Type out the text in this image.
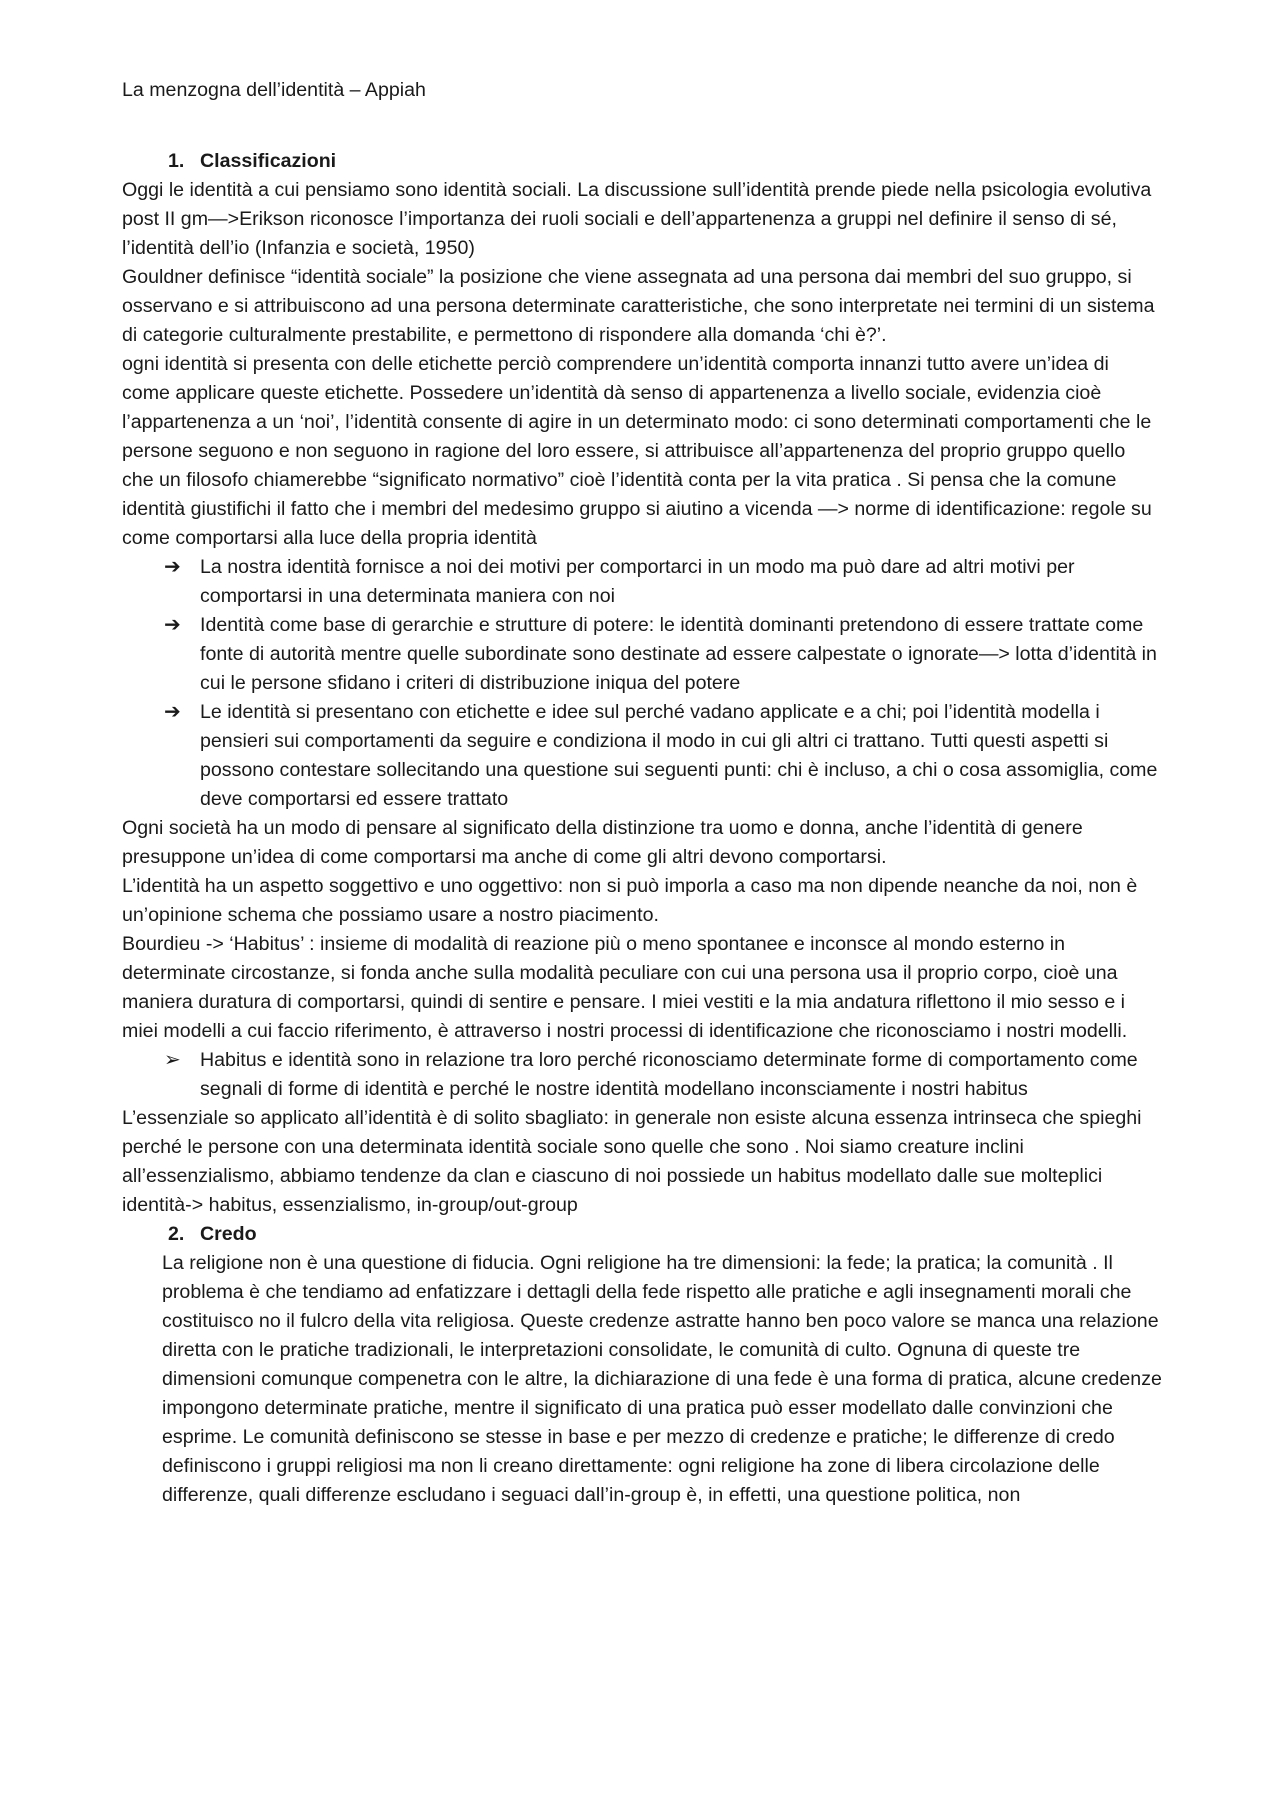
La menzogna dell’identità – Appiah

1. Classificazioni

Oggi le identità a cui pensiamo sono identità sociali. La discussione sull’identità prende piede nella psicologia evolutiva post II gm—>Erikson riconosce l’importanza dei ruoli sociali e dell’appartenenza a gruppi nel definire il senso di sé, l’identità dell’io (Infanzia e società, 1950)

Gouldner definisce “identità sociale” la posizione che viene assegnata ad una persona dai membri del suo gruppo, si osservano e si attribuiscono ad una persona determinate caratteristiche, che sono interpretate nei termini di un sistema di categorie culturalmente prestabilite, e permettono di rispondere alla domanda ‘chi è?’.

ogni identità si presenta con delle etichette perciò comprendere un’identità comporta innanzi tutto avere un’idea di come applicare queste etichette. Possedere un’identità dà senso di appartenenza a livello sociale, evidenzia cioè l’appartenenza a un ‘noi’, l’identità consente di agire in un determinato modo: ci sono determinati comportamenti che le persone seguono e non seguono in ragione del loro essere, si attribuisce all’appartenenza del proprio gruppo quello che un filosofo chiamerebbe “significato normativo” cioè l’identità conta per la vita pratica . Si pensa che la comune identità giustifichi il fatto che i membri del medesimo gruppo si aiutino a vicenda —> norme di identificazione: regole su come comportarsi alla luce della propria identità

➔ La nostra identità fornisce a noi dei motivi per comportarci in un modo ma può dare ad altri motivi per comportarsi in una determinata maniera con noi
➔ Identità come base di gerarchie e strutture di potere: le identità dominanti pretendono di essere trattate come fonte di autorità mentre quelle subordinate sono destinate ad essere calpestate o ignorate—> lotta d’identità in cui le persone sfidano i criteri di distribuzione iniqua del potere
➔ Le identità si presentano con etichette e idee sul perché vadano applicate e a chi; poi l’identità modella i pensieri sui comportamenti da seguire e condiziona il modo in cui gli altri ci trattano. Tutti questi aspetti si possono contestare sollecitando una questione sui seguenti punti: chi è incluso, a chi o cosa assomiglia, come deve comportarsi ed essere trattato

Ogni società ha un modo di pensare al significato della distinzione tra uomo e donna, anche l’identità di genere presuppone un’idea di come comportarsi ma anche di come gli altri devono comportarsi.

L’identità ha un aspetto soggettivo e uno oggettivo: non si può imporla a caso ma non dipende neanche da noi, non è un’opinione schema che possiamo usare a nostro piacimento.

Bourdieu -> ‘Habitus’ : insieme di modalità di reazione più o meno spontanee e inconsce al mondo esterno in determinate circostanze, si fonda anche sulla modalità peculiare con cui una persona usa il proprio corpo, cioè una maniera duratura di comportarsi, quindi di sentire e pensare. I miei vestiti e la mia andatura riflettono il mio sesso e i miei modelli a cui faccio riferimento, è attraverso i nostri processi di identificazione che riconosciamo i nostri modelli.

➢ Habitus e identità sono in relazione tra loro perché riconosciamo determinate forme di comportamento come segnali di forme di identità e perché le nostre identità modellano inconsciamente i nostri habitus

L’essenziale so applicato all’identità è di solito sbagliato: in generale non esiste alcuna essenza intrinseca che spieghi perché le persone con una determinata identità sociale sono quelle che sono . Noi siamo creature inclini all’essenzialismo, abbiamo tendenze da clan e ciascuno di noi possiede un habitus modellato dalle sue molteplici identità-> habitus, essenzialismo, in-group/out-group

2. Credo

La religione non è una questione di fiducia. Ogni religione ha tre dimensioni: la fede; la pratica; la comunità . Il problema è che tendiamo ad enfatizzare i dettagli della fede rispetto alle pratiche e agli insegnamenti morali che costituisco no il fulcro della vita religiosa. Queste credenze astratte hanno ben poco valore se manca una relazione diretta con le pratiche tradizionali, le interpretazioni consolidate, le comunità di culto. Ognuna di queste tre dimensioni comunque compenetra con le altre, la dichiarazione di una fede è una forma di pratica, alcune credenze impongono determinate pratiche, mentre il significato di una pratica può esser modellato dalle convinzioni che esprime. Le comunità definiscono se stesse in base e per mezzo di credenze e pratiche; le differenze di credo definiscono i gruppi religiosi ma non li creano direttamente: ogni religione ha zone di libera circolazione delle differenze, quali differenze escludano i seguaci dall’in-group è, in effetti, una questione politica, non
